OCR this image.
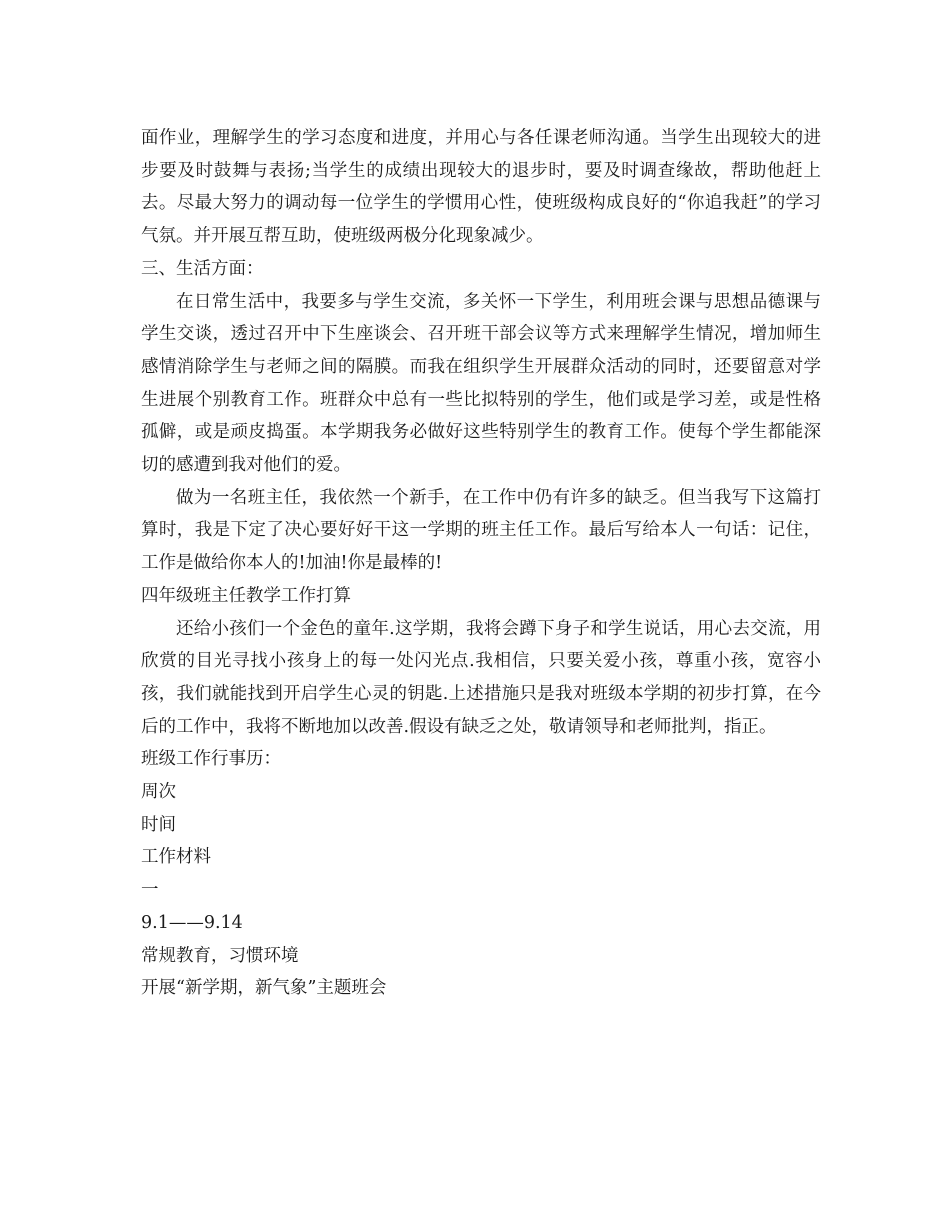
面作业，理解学生的学习态度和进度，并用心与各任课老师沟通。当学生出现较大的进步要及时鼓舞与表扬;当学生的成绩出现较大的退步时，要及时调查缘故，帮助他赶上去。尽最大努力的调动每一位学生的学惯用心性，使班级构成良好的“你追我赶”的学习气氛。并开展互帮互助，使班级两极分化现象减少。

三、生活方面：

在日常生活中，我要多与学生交流，多关怀一下学生，利用班会课与思想品德课与学生交谈，透过召开中下生座谈会、召开班干部会议等方式来理解学生情况，增加师生感情消除学生与老师之间的隔膜。而我在组织学生开展群众活动的同时，还要留意对学生进展个别教育工作。班群众中总有一些比拟特别的学生，他们或是学习差，或是性格孤僻，或是顽皮捣蛋。本学期我务必做好这些特别学生的教育工作。使每个学生都能深切的感遭到我对他们的爱。

做为一名班主任，我依然一个新手，在工作中仍有许多的缺乏。但当我写下这篇打算时，我是下定了决心要好好干这一学期的班主任工作。最后写给本人一句话：记住，工作是做给你本人的!加油!你是最棒的!

四年级班主任教学工作打算

还给小孩们一个金色的童年.这学期，我将会蹲下身子和学生说话，用心去交流，用欣赏的目光寻找小孩身上的每一处闪光点.我相信，只要关爱小孩，尊重小孩，宽容小孩，我们就能找到开启学生心灵的钥匙.上述措施只是我对班级本学期的初步打算，在今后的工作中，我将不断地加以改善.假设有缺乏之处，敬请领导和老师批判，指正。

班级工作行事历：

周次

时间

工作材料

一

9.1——9.14

常规教育，习惯环境

开展“新学期，新气象”主题班会
